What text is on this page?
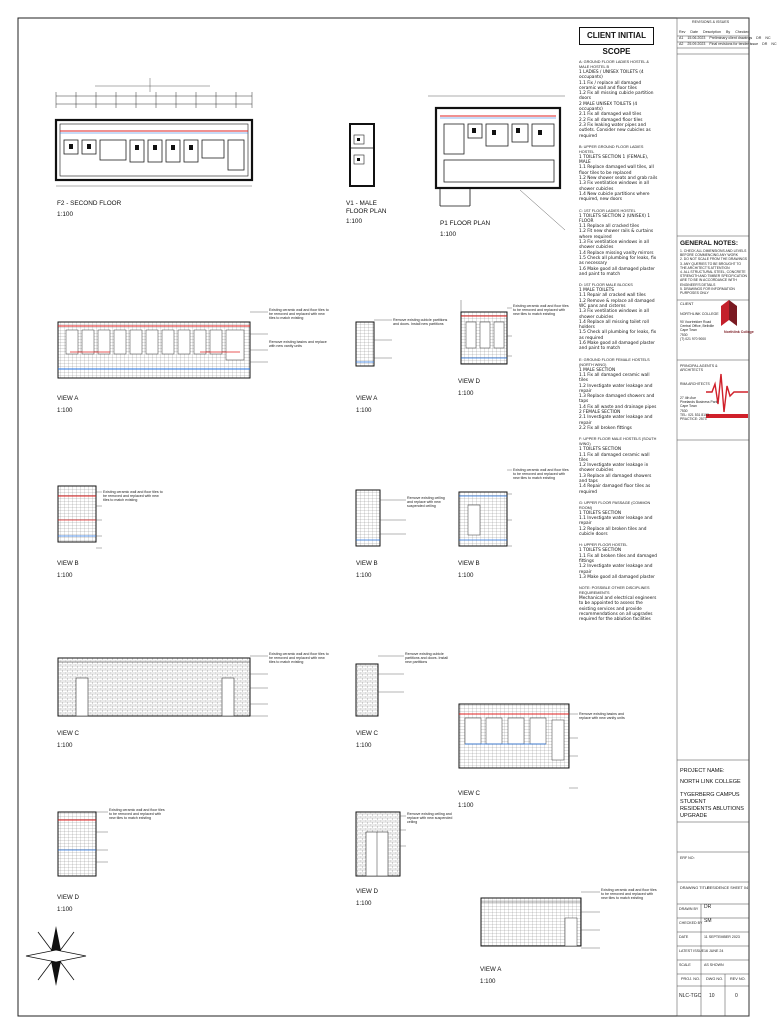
F2 - SECOND FLOOR
1:100
V1 - MALE FLOOR PLAN
1:100	P1 FLOOR PLAN
1:100
VIEW A
1:100
VIEW A
1:100
VIEW D
1:100
VIEW B
1:100
VIEW B
1:100
VIEW B
1:100
VIEW C
1:100
VIEW C
1:100
VIEW C
1:100
VIEW D
1:100
VIEW D
1:100
VIEW A
1:100
Existing ceramic wall and floor tiles to be removed and replaced with new tiles to match existing
Remove existing basins and replace with new vanity units
Remove existing cubicle partitions and doors. Install new partitions
Existing ceramic wall and floor tiles to be removed and replaced with new tiles to match existing
Existing ceramic wall and floor tiles to be removed and replaced with new tiles to match existing
Remove existing ceiling and replace with new suspended ceiling
Existing ceramic wall and floor tiles to be removed and replaced with new tiles to match existing
Existing ceramic wall and floor tiles to be removed and replaced with new tiles to match existing
Remove existing cubicle partitions and doors. Install new partitions
Remove existing basins and replace with new vanity units
Existing ceramic wall and floor tiles to be removed and replaced with new tiles to match existing
Remove existing ceiling and replace with new suspended ceiling
Existing ceramic wall and floor tiles to be removed and replaced with new tiles to match existing
CLIENT INITIAL SCOPE
A: GROUND FLOOR LADIES HOSTEL & MALE HOSTEL B
1 LADIES / UNISEX TOILETS (4 occupants)
1.1 Fix / replace all damaged ceramic wall and floor tiles
1.2 Fix all missing cubicle partition doors
2 MALE UNISEX TOILETS (4 occupants)
2.1 Fix all damaged wall tiles
2.2 Fix all damaged floor tiles
2.3 Fix leaking water pipes and outlets. Consider new cubicles as required
B: UPPER GROUND FLOOR LADIES HOSTEL
1 TOILETS SECTION 1 (FEMALE), MALE
1.1 Replace damaged wall tiles, all floor tiles to be replaced
1.2 New shower seats and grab rails
1.3 Fix ventilation windows in all shower cubicles
1.4 New cubicle partitions where required, new doors
C: 1ST FLOOR LADIES HOSTEL
1 TOILETS SECTION 2 (UNISEX) 1 FLOOR
1.1 Replace all cracked tiles
1.2 Fit new shower rails & curtains where required
1.3 Fix ventilation windows in all shower cubicles
1.4 Replace missing vanity mirrors
1.5 Check all plumbing for leaks, fix as necessary
1.6 Make good all damaged plaster and paint to match
D: 1ST FLOOR MALE BLOCKS
1 MALE TOILETS
1.1 Repair all cracked wall tiles
1.2 Remove & replace all damaged WC pans and cisterns
1.3 Fix ventilation windows in all shower cubicles
1.4 Replace all missing toilet roll holders
1.5 Check all plumbing for leaks, fix as required
1.6 Make good all damaged plaster and paint to match
E: GROUND FLOOR FEMALE HOSTELS (NORTH WING)
1 MALE SECTION
1.1 Fix all damaged ceramic wall tiles
1.2 Investigate water leakage and repair
1.3 Replace damaged showers and taps
1.4 Fix all waste and drainage pipes
2 FEMALE SECTION
2.1 Investigate water leakage and repair
2.2 Fix all broken fittings
F: UPPER FLOOR MALE HOSTELS (SOUTH WING)
1 TOILETS SECTION
1.1 Fix all damaged ceramic wall tiles
1.2 Investigate water leakage in shower cubicles
1.3 Replace all damaged showers and taps
1.4 Repair damaged floor tiles as required
G: UPPER FLOOR PASSAGE (COMMON ROOM)
1 TOILETS SECTION
1.1 Investigate water leakage and repair
1.2 Replace all broken tiles and cubicle doors
H: UPPER FLOOR HOSTEL
1 TOILETS SECTION
1.1 Fix all broken tiles and damaged fittings
1.2 Investigate water leakage and repair
1.3 Make good all damaged plaster
NOTE: POSSIBLE OTHER DISCIPLINES REQUIREMENTS
Mechanical and electrical engineers to be appointed to assess the existing services and provide recommendations on all upgrades required for the ablution facilities
REVISIONS & ISSUES
Rev Date Description By Checked
A1 15.06.2023 Preliminary client drawings DR NC
A2 25.09.2023 Final revisions for tender issue DR NC
GENERAL NOTES:
1. CHECK ALL DIMENSIONS AND LEVELS BEFORE COMMENCING ANY WORK
2. DO NOT SCALE FROM THE DRAWINGS
3. ANY QUERIES TO BE BROUGHT TO THE ARCHITECT'S ATTENTION
4. ALL STRUCTURAL STEEL, CONCRETE STRENGTH AND TIMBER SPECIFICATION ARE TO BE IN ACCORDANCE WITH ENGINEER'S DETAILS
5. DRAWINGS FOR INFORMATION PURPOSES ONLY
CLIENT
NORTHLINK COLLEGE
90 Voortrekker Road
Central Office, Bellville
Cape Town
7530
(T) 021 970 9000
Northlink College
PRINCIPAL AGENTS & ARCHITECTS
RMA ARCHITECTS
27 4th Ave
Pinelands Business Park
Cape Town
7530
TEL: 021 531 8103
PRACTICE: 2573
PROJECT NAME:
NORTH LINK COLLEGE
TYGERBERG CAMPUS STUDENT
RESIDENTS ABLUTIONS UPGRADE
ERF NO:
DRAWING TITLE
RESIDENCE SHEET 04
DRAWN BY DR
CHECKED BY SM
DATE	11 SEPTEMBER 2023
LATEST ISSUE 16 JUNE 24
SCALE	AS SHOWN
PROJ. NO. DWG NO. REV NO.
NLC-TGC 10	0
